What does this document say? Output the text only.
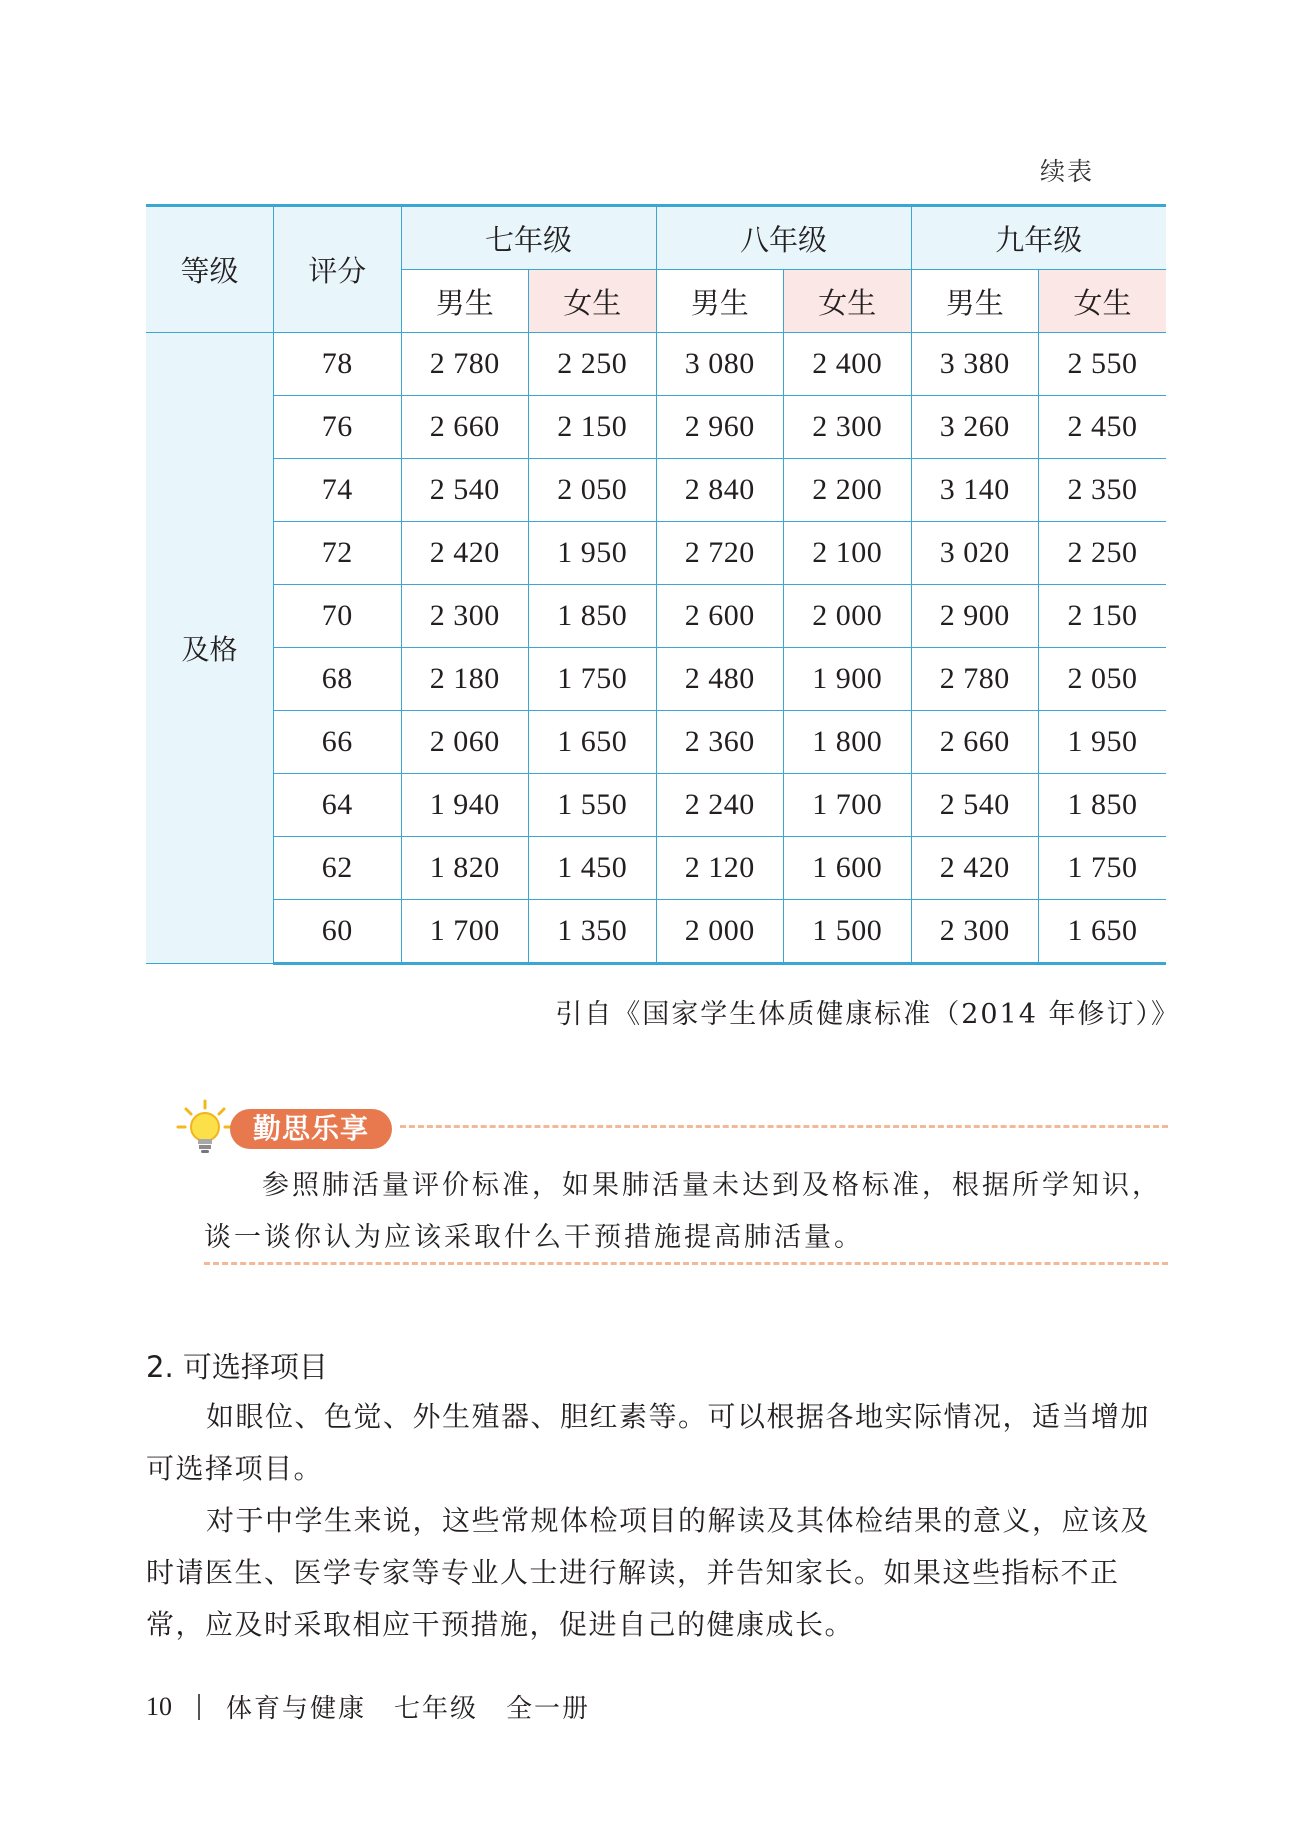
续表
等级	评分	七年级		八年级		九年级	
		男生	女生	男生	女生	男生	女生
及格	78	2 780	2 250	3 080	2 400	3 380	2 550
	76	2 660	2 150	2 960	2 300	3 260	2 450
	74	2 540	2 050	2 840	2 200	3 140	2 350
	72	2 420	1 950	2 720	2 100	3 020	2 250
	70	2 300	1 850	2 600	2 000	2 900	2 150
	68	2 180	1 750	2 480	1 900	2 780	2 050
	66	2 060	1 650	2 360	1 800	2 660	1 950
	64	1 940	1 550	2 240	1 700	2 540	1 850
	62	1 820	1 450	2 120	1 600	2 420	1 750
	60	1 700	1 350	2 000	1 500	2 300	1 650
引自《国家学生体质健康标准（2014 年修订）》
勤思乐享
参照肺活量评价标准，如果肺活量未达到及格标准，根据所学知识，谈一谈你认为应该采取什么干预措施提高肺活量。
2. 可选择项目
如眼位、色觉、外生殖器、胆红素等。可以根据各地实际情况，适当增加可选择项目。
对于中学生来说，这些常规体检项目的解读及其体检结果的意义，应该及时请医生、医学专家等专业人士进行解读，并告知家长。如果这些指标不正常，应及时采取相应干预措施，促进自己的健康成长。
10 体育与健康　七年级　全一册
